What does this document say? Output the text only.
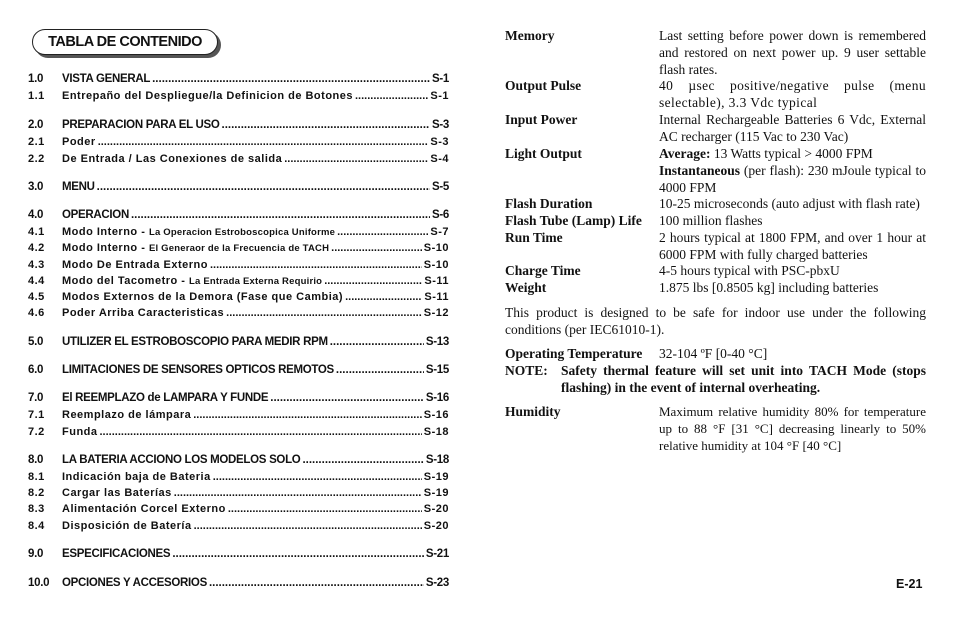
TABLA DE CONTENIDO
1.0	VISTA GENERAL .....	S-1
1.1	Entrepaño del Despliegue/la Definicion de Botones .....	S-1
2.0	PREPARACION PARA EL USO .....	S-3
2.1	Poder .....	S-3
2.2	De Entrada / Las Conexiones de salida .....	S-4
3.0	MENU .....	S-5
4.0	OPERACION .....	S-6
4.1	Modo Interno - La Operacion Estroboscopica Uniforme .....	S-7
4.2	Modo Interno - El Generaor de la Frecuencia de TACH .....	S-10
4.3	Modo De Entrada Externo .....	S-10
4.4	Modo del Tacometro - La Entrada Externa Requirio .....	S-11
4.5	Modos Externos de la Demora (Fase que Cambia) .....	S-11
4.6	Poder Arriba Caracteristicas .....	S-12
5.0	UTILIZER EL ESTROBOSCOPIO PARA MEDIR RPM .....	S-13
6.0	LIMITACIONES DE SENSORES OPTICOS REMOTOS .....	S-15
7.0	El REEMPLAZO de LAMPARA Y FUNDE .....	S-16
7.1	Reemplazo de lámpara .....	S-16
7.2	Funda .....	S-18
8.0	LA BATERIA ACCIONO LOS MODELOS SOLO .....	S-18
8.1	Indicación baja de Bateria .....	S-19
8.2	Cargar las Baterías .....	S-19
8.3	Alimentación Corcel Externo .....	S-20
8.4	Disposición de Batería .....	S-20
9.0	ESPECIFICACIONES .....	S-21
10.0	OPCIONES Y ACCESORIOS .....	S-23
Memory	Last setting before power down is remembered and restored on next power up. 9 user settable flash rates.
Output Pulse	40 µsec positive/negative pulse (menu selectable), 3.3 Vdc typical
Input Power	Internal Rechargeable Batteries 6 Vdc, External AC recharger (115 Vac to 230 Vac)
Light Output	Average: 13 Watts typical > 4000 FPM
Instantaneous (per flash): 230 mJoule typical to 4000 FPM
Flash Duration	10-25 microseconds (auto adjust with flash rate)
Flash Tube (Lamp) Life 100 million flashes
Run Time	2 hours typical at 1800 FPM, and over 1 hour at 6000 FPM with fully charged batteries
Charge Time	4-5 hours typical with PSC-pbxU
Weight	1.875 lbs [0.8505 kg] including batteries
This product is designed to be safe for indoor use under the following conditions (per IEC61010-1).
Operating Temperature 32-104 ºF [0-40 °C]
NOTE: Safety thermal feature will set unit into TACH Mode (stops flashing) in the event of internal overheating.
Humidity	Maximum relative humidity 80% for temperature up to 88 °F [31 °C] decreasing linearly to 50% relative humidity at 104 °F [40 °C]
E-21
